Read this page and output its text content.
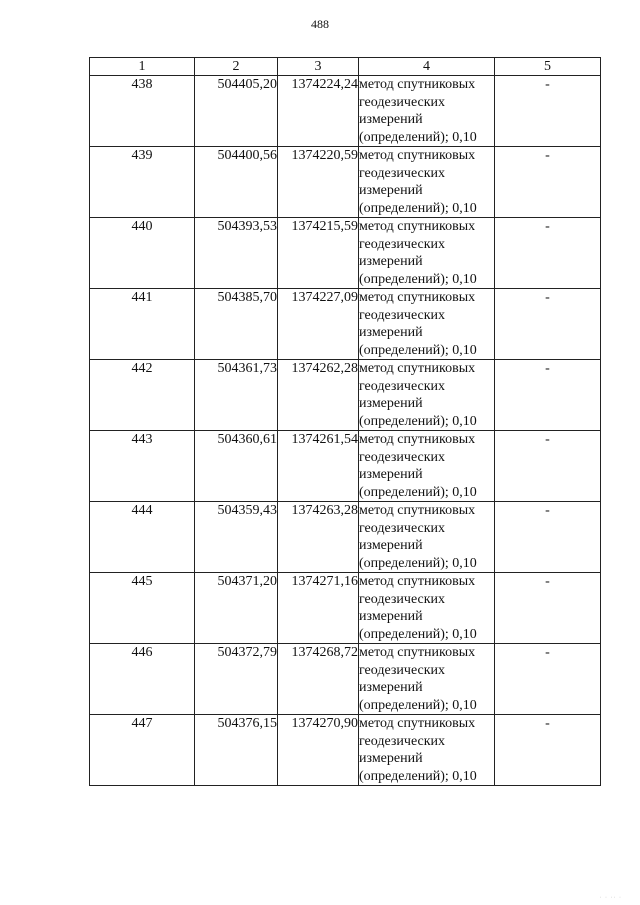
488
1	2	3	4	5
438	504405,20	1374224,24	метод спутниковых
геодезических
измерений
(определений); 0,10	-
439	504400,56	1374220,59	метод спутниковых
геодезических
измерений
(определений); 0,10	-
440	504393,53	1374215,59	метод спутниковых
геодезических
измерений
(определений); 0,10	-
441	504385,70	1374227,09	метод спутниковых
геодезических
измерений
(определений); 0,10	-
442	504361,73	1374262,28	метод спутниковых
геодезических
измерений
(определений); 0,10	-
443	504360,61	1374261,54	метод спутниковых
геодезических
измерений
(определений); 0,10	-
444	504359,43	1374263,28	метод спутниковых
геодезических
измерений
(определений); 0,10	-
445	504371,20	1374271,16	метод спутниковых
геодезических
измерений
(определений); 0,10	-
446	504372,79	1374268,72	метод спутниковых
геодезических
измерений
(определений); 0,10	-
447	504376,15	1374270,90	метод спутниковых
геодезических
измерений
(определений); 0,10	-
· · ·· ·
